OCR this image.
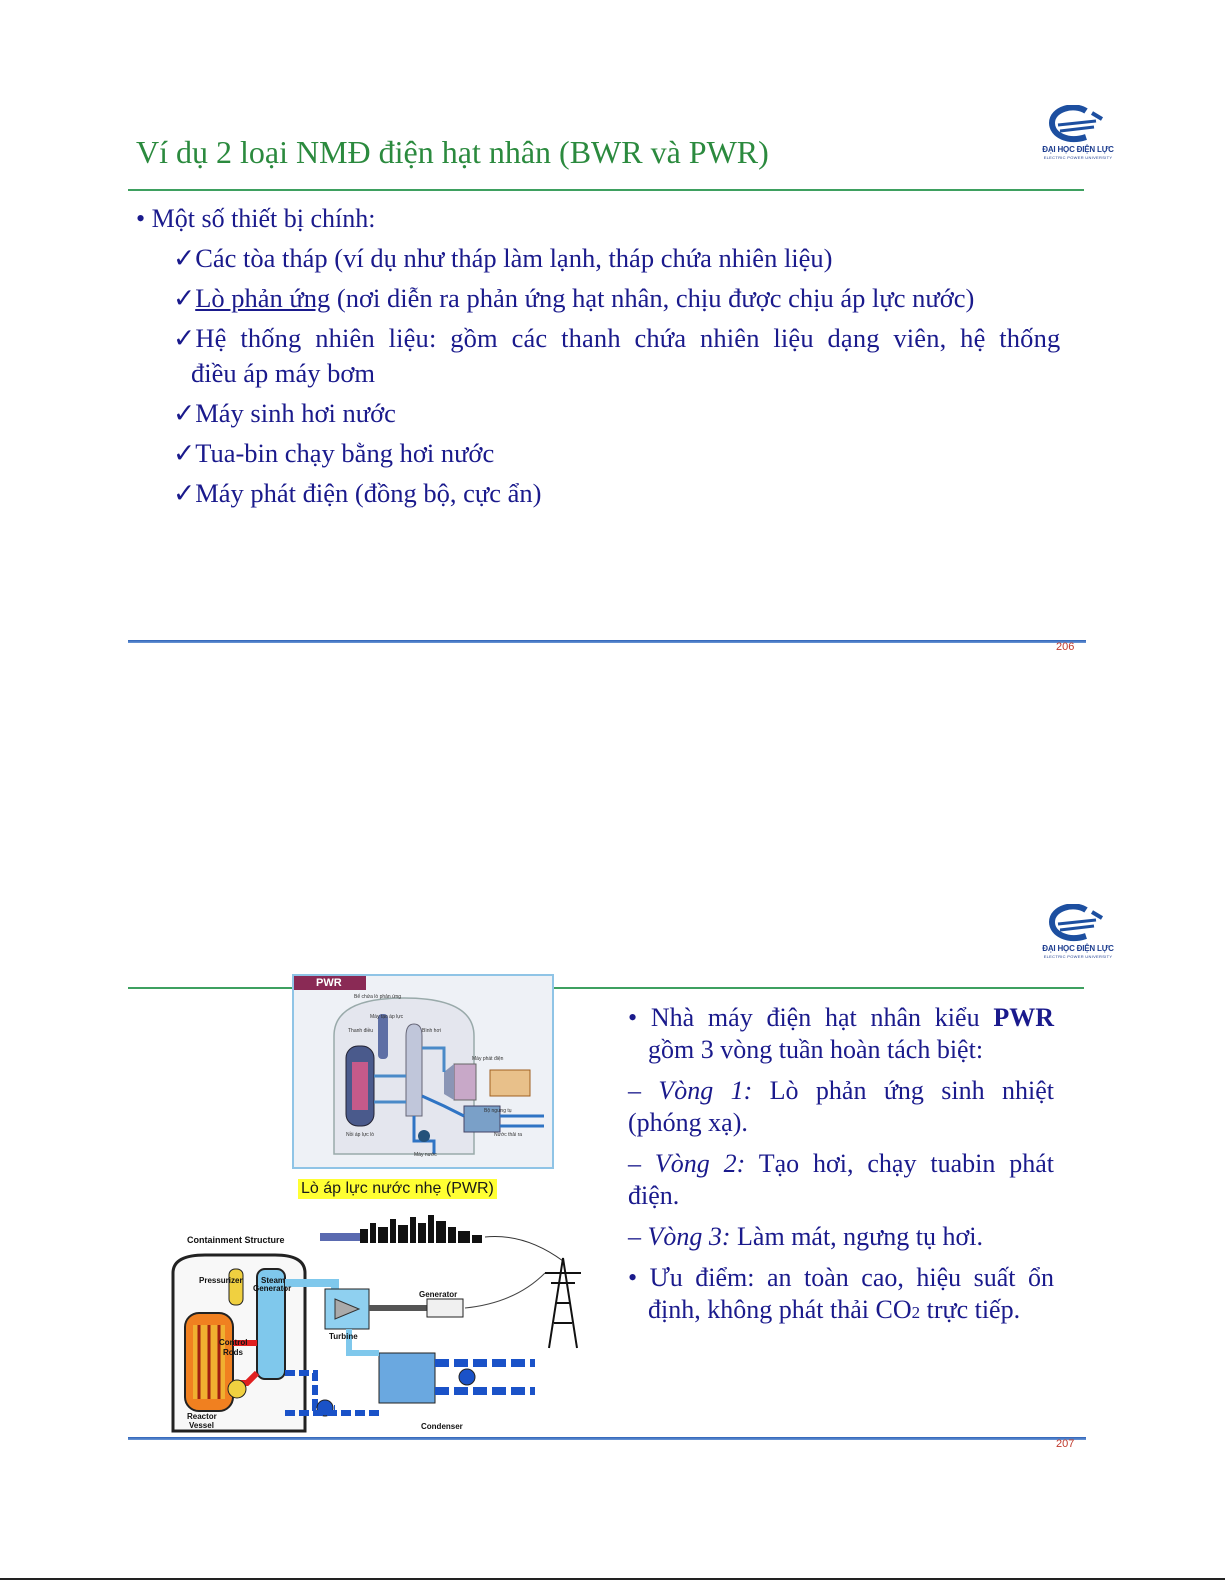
Ví dụ 2 loại NMĐ điện hạt nhân (BWR và PWR)	ĐẠI HỌC ĐIỆN LỰC
ELECTRIC POWER UNIVERSITY
• Một số thiết bị chính:
✓Các tòa tháp (ví dụ như tháp làm lạnh, tháp chứa nhiên liệu)
✓Lò phản ứng (nơi diễn ra phản ứng hạt nhân, chịu được chịu áp lực nước)
✓Hệ thống nhiên liệu: gồm các thanh chứa nhiên liệu dạng viên, hệ thống
điều áp máy bơm
✓Máy sinh hơi nước
✓Tua-bin chạy bằng hơi nước
✓Máy phát điện (đồng bộ, cực ẩn)
206
ĐẠI HỌC ĐIỆN LỰC
ELECTRIC POWER UNIVERSITY
PWR
Bể chứa lò phản ứng
Máy tạo áp lực
Thanh điều	Bình hơi
Máy phát điện
Bộ ngưng tụ
Nước thải ra
Nồi áp lực lò
Máy nước
Lò áp lực nước nhẹ (PWR)
Containment Structure
Pressurizer Steam
Generator
Control
Rods
Reactor
Vessel
Turbine
Generator
Condenser

• Nhà máy điện hạt nhân kiểu PWR gồm 3 vòng tuần hoàn tách biệt:

– Vòng 1: Lò phản ứng sinh nhiệt (phóng xạ).

– Vòng 2: Tạo hơi, chạy tuabin phát điện.

– Vòng 3: Làm mát, ngưng tụ hơi.

• Ưu điểm: an toàn cao, hiệu suất ổn định, không phát thải CO2 trực tiếp.

207
